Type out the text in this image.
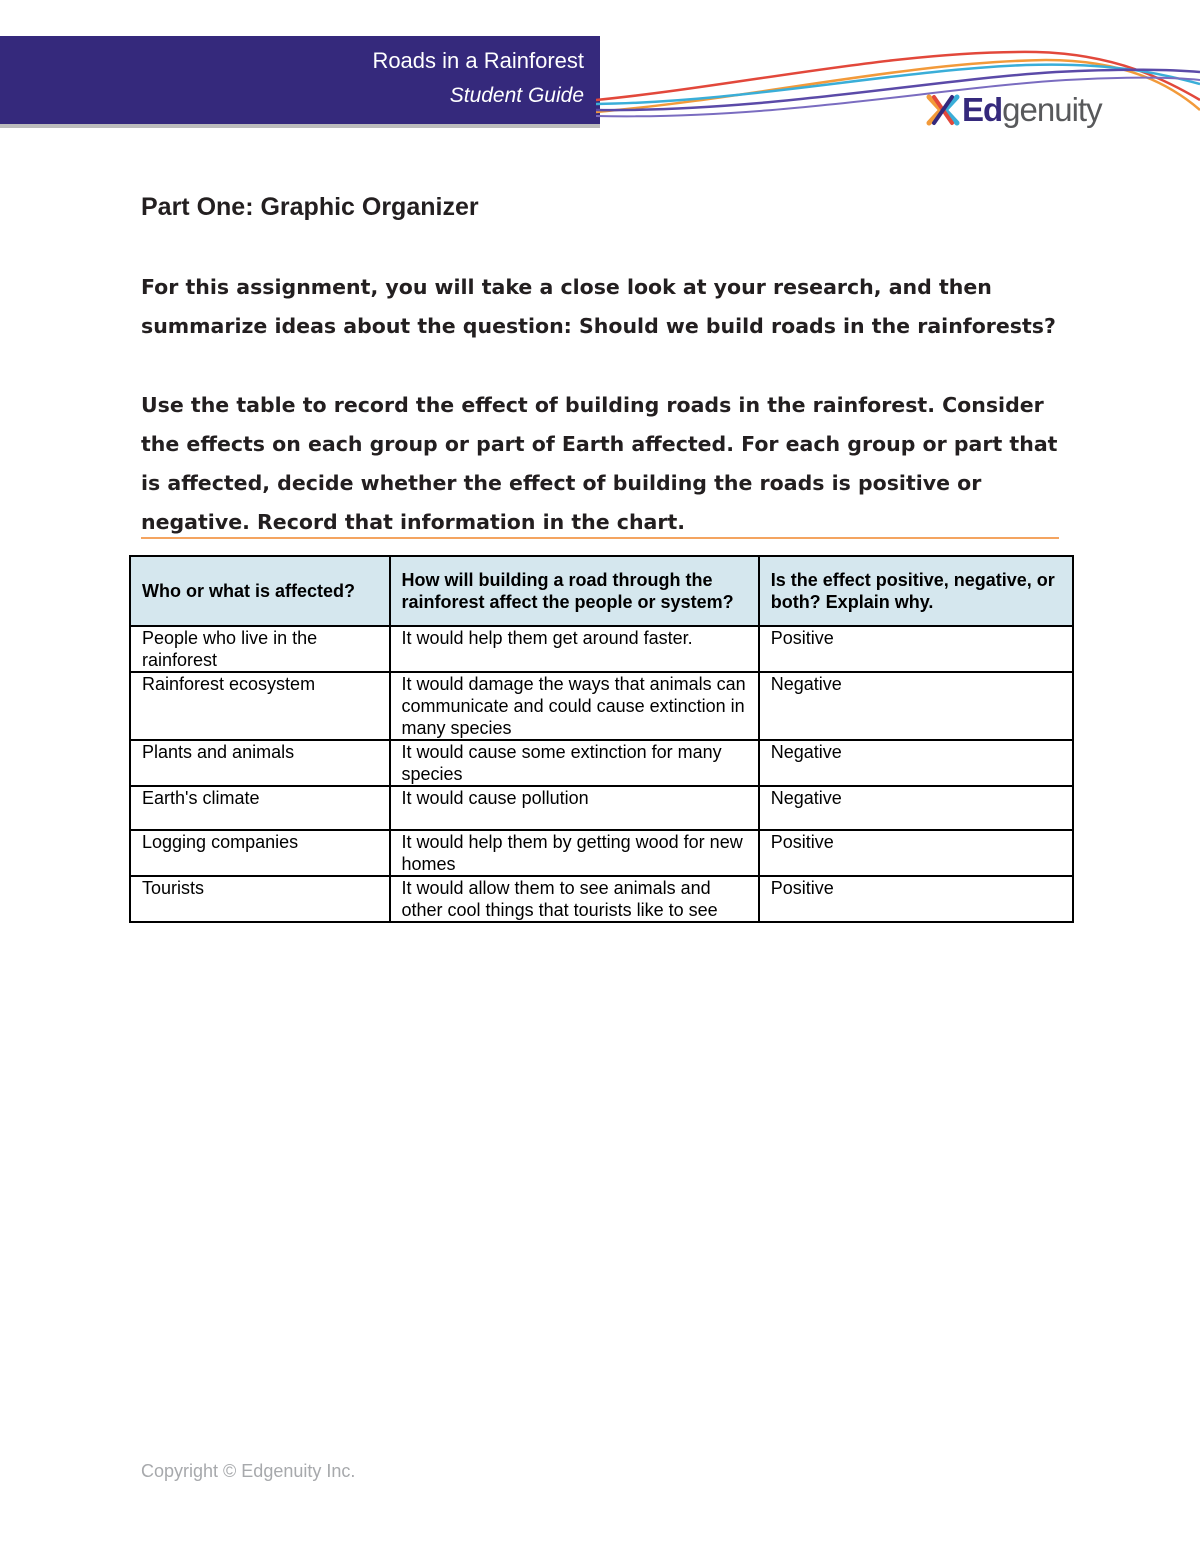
Roads in a Rainforest
Student Guide	Edgenuity
Part One: Graphic Organizer

For this assignment, you will take a close look at your research, and then summarize ideas about the question: Should we build roads in the rainforests?

Use the table to record the effect of building roads in the rainforest. Consider the effects on each group or part of Earth affected. For each group or part that is affected, decide whether the effect of building the roads is positive or negative. Record that information in the chart.

Who or what is affected?	How will building a road through the rainforest affect the people or system?	Is the effect positive, negative, or both? Explain why.
People who live in the rainforest	It would help them get around faster.	Positive
Rainforest ecosystem	It would damage the ways that animals can communicate and could cause extinction in many species	Negative
Plants and animals	It would cause some extinction for many species	Negative
Earth's climate	It would cause pollution	Negative
Logging companies	It would help them by getting wood for new homes	Positive
Tourists	It would allow them to see animals and other cool things that tourists like to see	Positive
Copyright © Edgenuity Inc.
